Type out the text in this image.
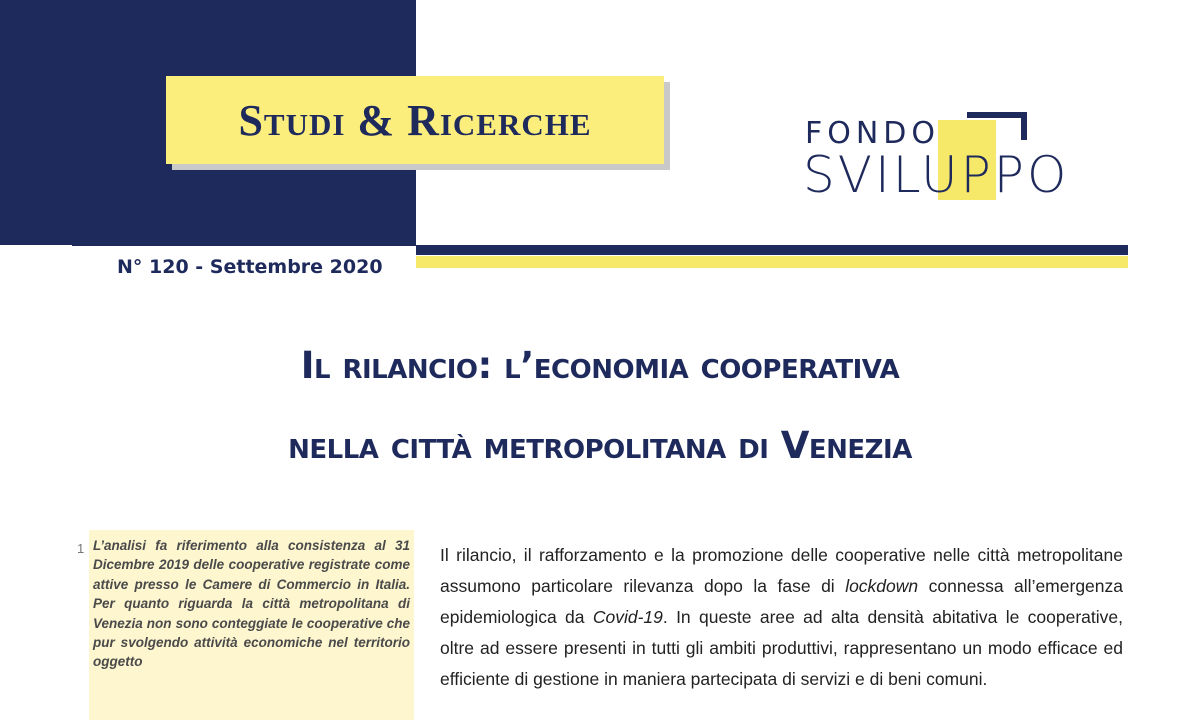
Studi & Ricerche	FONDO
SVILUPPO
N° 120 - Settembre 2020
Il rilancio: l’economia cooperativa
nella città metropolitana di Venezia
1 L’analisi fa riferimento alla consistenza al 31 Dicembre 2019 delle cooperative registrate come attive presso le Camere di Commercio in Italia. Per quanto riguarda la città metropolitana di Venezia non sono conteggiate le cooperative che pur svolgendo attività economiche nel territorio oggetto
Il rilancio, il rafforzamento e la promozione delle cooperative nelle città metropolitane assumono particolare rilevanza dopo la fase di lockdown connessa all’emergenza epidemiologica da Covid-19. In queste aree ad alta densità abitativa le cooperative, oltre ad essere presenti in tutti gli ambiti produttivi, rappresentano un modo efficace ed efficiente di gestione in maniera partecipata di servizi e di beni comuni.
